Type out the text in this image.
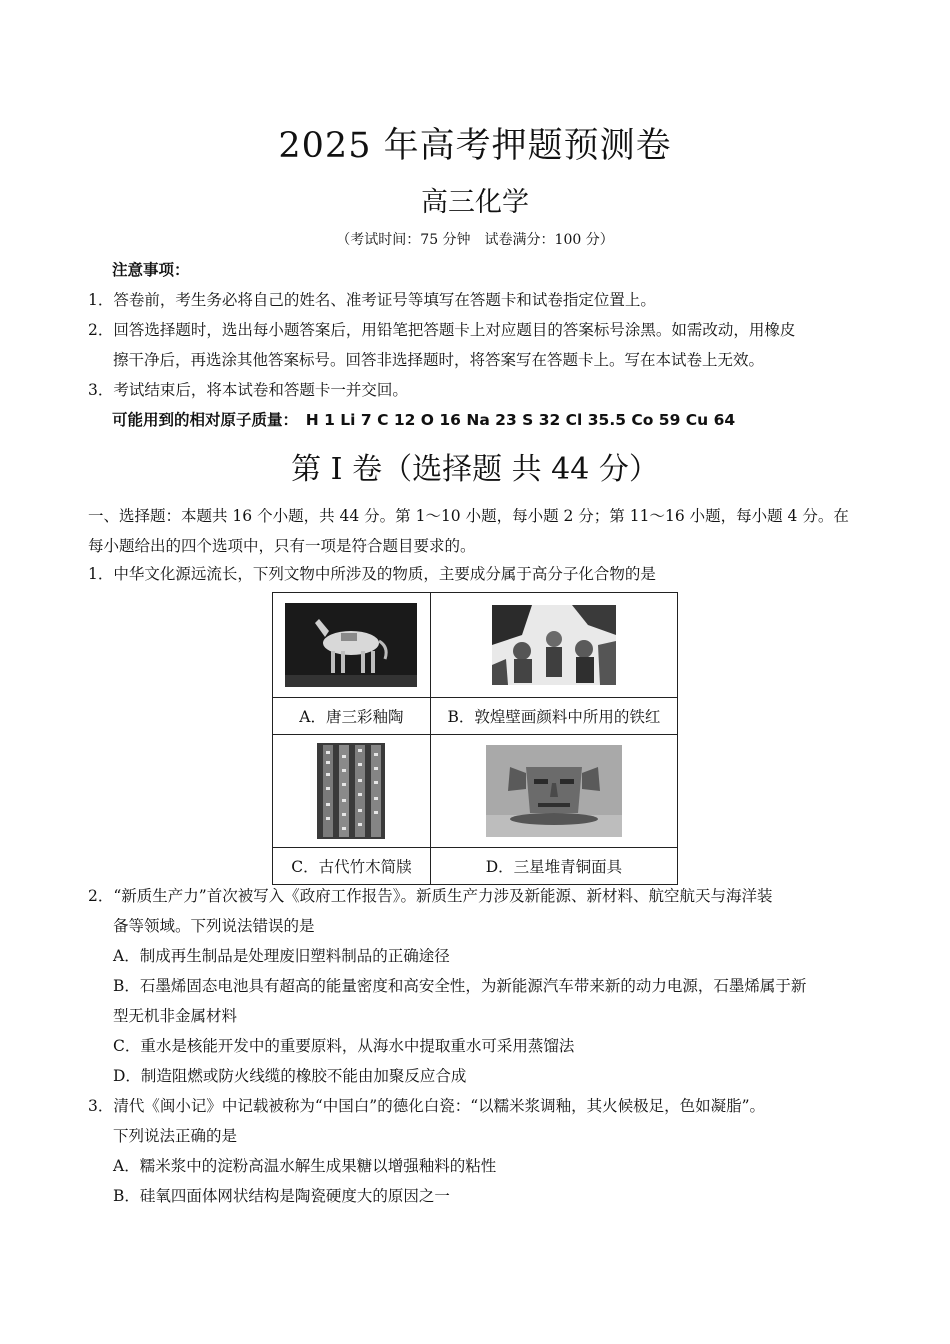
2025 年高考押题预测卷
高三化学
（考试时间：75 分钟　试卷满分：100 分）
注意事项：
1．答卷前，考生务必将自己的姓名、准考证号等填写在答题卡和试卷指定位置上。
2．回答选择题时，选出每小题答案后，用铅笔把答题卡上对应题目的答案标号涂黑。如需改动，用橡皮
擦干净后，再选涂其他答案标号。回答非选择题时，将答案写在答题卡上。写在本试卷上无效。
3．考试结束后，将本试卷和答题卡一并交回。
可能用到的相对原子质量：　H 1 Li 7 C 12 O 16 Na 23 S 32 Cl 35.5 Co 59 Cu 64
第 I 卷（选择题 共 44 分）
一、选择题：本题共 16 个小题，共 44 分。第 1～10 小题，每小题 2 分；第 11～16 小题，每小题 4 分。在
每小题给出的四个选项中，只有一项是符合题目要求的。
1．中华文化源远流长，下列文物中所涉及的物质，主要成分属于高分子化合物的是

A．唐三彩釉陶	B．敦煌壁画颜料中所用的铁红

C．古代竹木简牍	D．三星堆青铜面具
2．“新质生产力”首次被写入《政府工作报告》。新质生产力涉及新能源、新材料、航空航天与海洋装
备等领域。下列说法错误的是
A．制成再生制品是处理废旧塑料制品的正确途径
B．石墨烯固态电池具有超高的能量密度和高安全性，为新能源汽车带来新的动力电源，石墨烯属于新
型无机非金属材料
C．重水是核能开发中的重要原料，从海水中提取重水可采用蒸馏法
D．制造阻燃或防火线缆的橡胶不能由加聚反应合成
3．清代《闽小记》中记载被称为“中国白”的德化白瓷：“以糯米浆调釉，其火候极足，色如凝脂”。
下列说法正确的是
A．糯米浆中的淀粉高温水解生成果糖以增强釉料的粘性
B．硅氧四面体网状结构是陶瓷硬度大的原因之一
